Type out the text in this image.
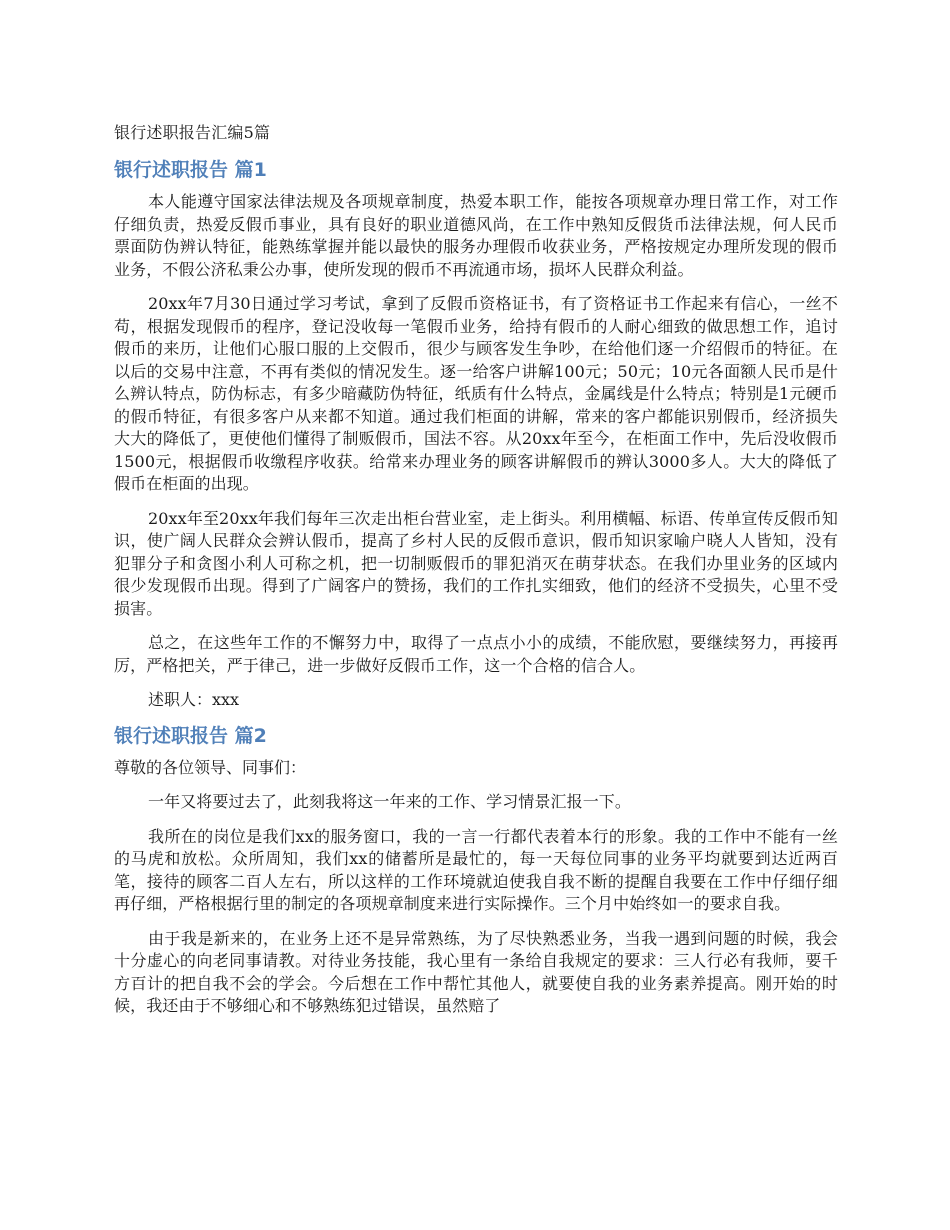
银行述职报告汇编5篇
银行述职报告 篇1

本人能遵守国家法律法规及各项规章制度，热爱本职工作，能按各项规章办理日常工作，对工作仔细负责，热爱反假币事业，具有良好的职业道德风尚，在工作中熟知反假货币法律法规，何人民币票面防伪辨认特征，能熟练掌握并能以最快的服务办理假币收获业务，严格按规定办理所发现的假币业务，不假公济私秉公办事，使所发现的假币不再流通市场，损坏人民群众利益。

20xx年7月30日通过学习考试，拿到了反假币资格证书，有了资格证书工作起来有信心，一丝不苟，根据发现假币的程序，登记没收每一笔假币业务，给持有假币的人耐心细致的做思想工作，追讨假币的来历，让他们心服口服的上交假币，很少与顾客发生争吵，在给他们逐一介绍假币的特征。在以后的交易中注意，不再有类似的情况发生。逐一给客户讲解100元；50元；10元各面额人民币是什么辨认特点，防伪标志，有多少暗藏防伪特征，纸质有什么特点，金属线是什么特点；特别是1元硬币的假币特征，有很多客户从来都不知道。通过我们柜面的讲解，常来的客户都能识别假币，经济损失大大的降低了，更使他们懂得了制贩假币，国法不容。从20xx年至今，在柜面工作中，先后没收假币1500元，根据假币收缴程序收获。给常来办理业务的顾客讲解假币的辨认3000多人。大大的降低了假币在柜面的出现。

20xx年至20xx年我们每年三次走出柜台营业室，走上街头。利用横幅、标语、传单宣传反假币知识，使广阔人民群众会辨认假币，提高了乡村人民的反假币意识，假币知识家喻户晓人人皆知，没有犯罪分子和贪图小利人可称之机，把一切制贩假币的罪犯消灭在萌芽状态。在我们办里业务的区域内很少发现假币出现。得到了广阔客户的赞扬，我们的工作扎实细致，他们的经济不受损失，心里不受损害。

总之，在这些年工作的不懈努力中，取得了一点点小小的成绩，不能欣慰，要继续努力，再接再厉，严格把关，严于律己，进一步做好反假币工作，这一个合格的信合人。

述职人：xxx

银行述职报告 篇2

尊敬的各位领导、同事们：

一年又将要过去了，此刻我将这一年来的工作、学习情景汇报一下。

我所在的岗位是我们xx的服务窗口，我的一言一行都代表着本行的形象。我的工作中不能有一丝的马虎和放松。众所周知，我们xx的储蓄所是最忙的，每一天每位同事的业务平均就要到达近两百笔，接待的顾客二百人左右，所以这样的工作环境就迫使我自我不断的提醒自我要在工作中仔细仔细再仔细，严格根据行里的制定的各项规章制度来进行实际操作。三个月中始终如一的要求自我。

由于我是新来的，在业务上还不是异常熟练，为了尽快熟悉业务，当我一遇到问题的时候，我会十分虚心的向老同事请教。对待业务技能，我心里有一条给自我规定的要求：三人行必有我师，要千方百计的把自我不会的学会。今后想在工作中帮忙其他人，就要使自我的业务素养提高。刚开始的时候，我还由于不够细心和不够熟练犯过错误，虽然赔了
